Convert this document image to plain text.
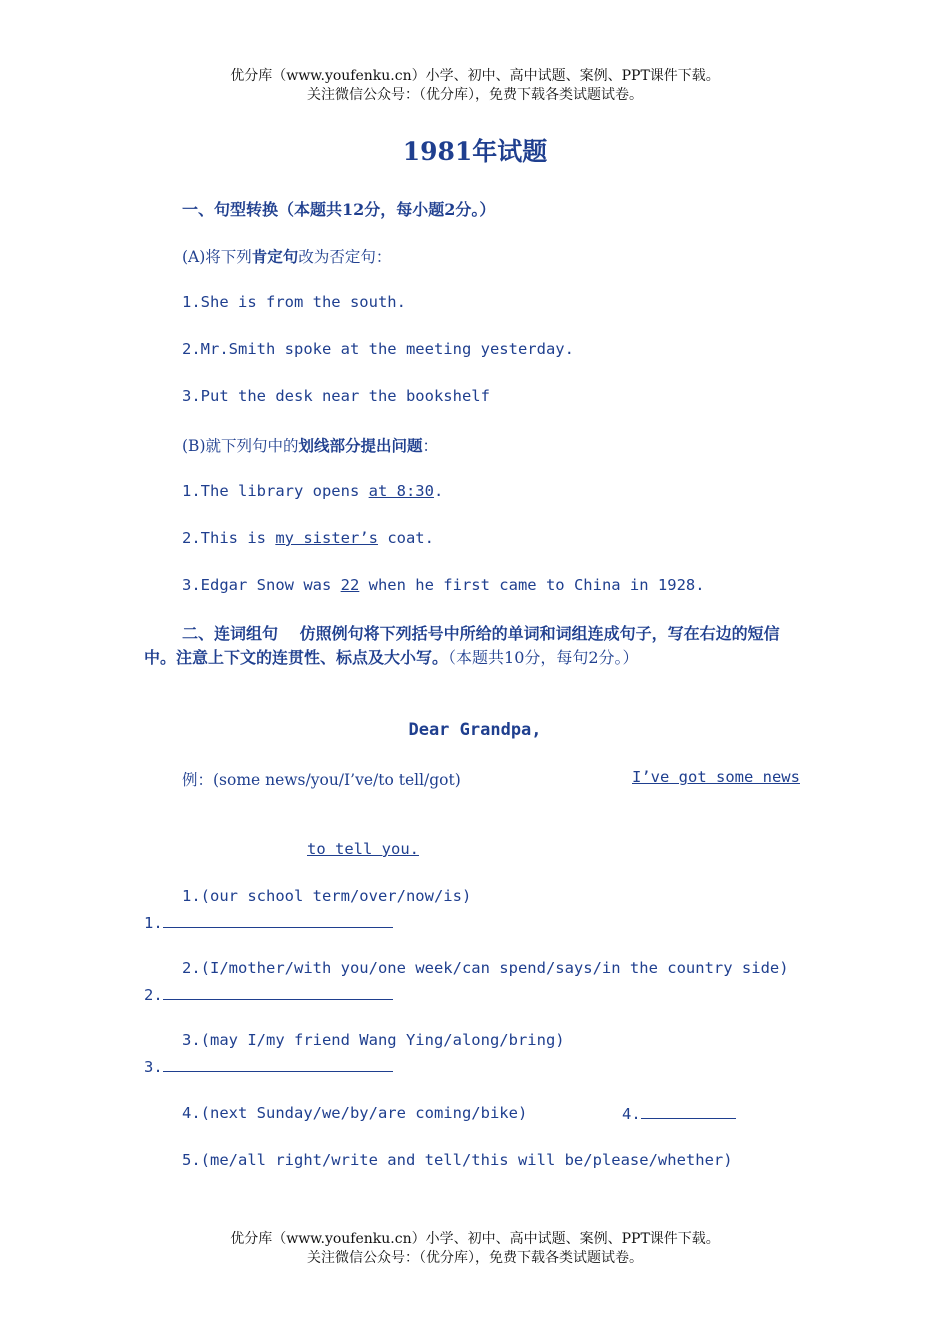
优分库（www.youfenku.cn）小学、初中、高中试题、案例、PPT课件下载。
关注微信公众号：（优分库），免费下载各类试题试卷。
1981年试题
一、句型转换（本题共12分，每小题2分。）
(A)将下列肯定句改为否定句：
1.She is from the south.
2.Mr.Smith spoke at the meeting yesterday.
3.Put the desk near the bookshelf
(B)就下列句中的划线部分提出问题：
1.The library opens at 8:30.
2.This is my sister’s coat.
3.Edgar Snow was 22 when he first came to China in 1928.
二、连词组句　 仿照例句将下列括号中所给的单词和词组连成句子，写在右边的短信中。注意上下文的连贯性、标点及大小写。（本题共10分，每句2分。）
Dear Grandpa,
例：(some news/you/I’ve/to tell/got)	I’ve got some news
to tell you.
1.(our school term/over/now/is)
1.
2.(I/mother/with you/one week/can spend/says/in the country side)
2.
3.(may I/my friend Wang Ying/along/bring)
3.
4.(next Sunday/we/by/are coming/bike)	4.
5.(me/all right/write and tell/this will be/please/whether)
优分库（www.youfenku.cn）小学、初中、高中试题、案例、PPT课件下载。
关注微信公众号：（优分库），免费下载各类试题试卷。
